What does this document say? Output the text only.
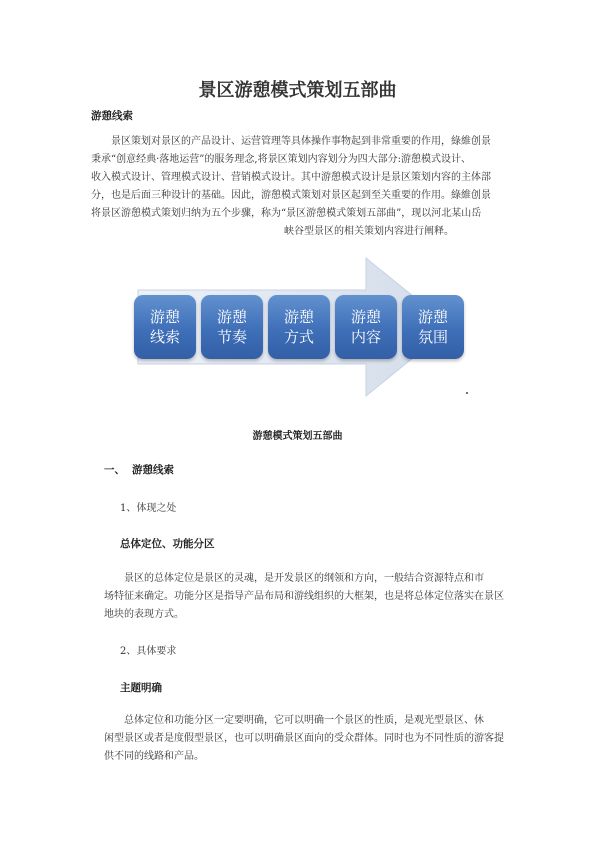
景区游憩模式策划五部曲
游憩线索
景区策划对景区的产品设计、运营管理等具体操作事物起到非常重要的作用，綠維创景
秉承“创意经典·落地运营”的服务理念,将景区策划内容划分为四大部分:游憩模式设计、
收入模式设计、管理模式设计、营销模式设计。其中游憩模式设计是景区策划内容的主体部
分，也是后面三种设计的基础。因此，游憩模式策划对景区起到至关重要的作用。綠維创景
将景区游憩模式策划归纳为五个步骤，称为“景区游憩模式策划五部曲”，现以河北某山岳
峡谷型景区的相关策划内容进行阐释。
游憩
线索
游憩
节奏
游憩
方式
游憩
内容
游憩
氛围
游憩模式策划五部曲
一、 游憩线索
1、体现之处
总体定位、功能分区
景区的总体定位是景区的灵魂，是开发景区的纲领和方向，一般结合资源特点和市
场特征来确定。功能分区是指导产品布局和游线组织的大框架，也是将总体定位落实在景区
地块的表现方式。
2、具体要求
主题明确
总体定位和功能分区一定要明确，它可以明确一个景区的性质，是观光型景区、休
闲型景区或者是度假型景区，也可以明确景区面向的受众群体。同时也为不同性质的游客提
供不同的线路和产品。
